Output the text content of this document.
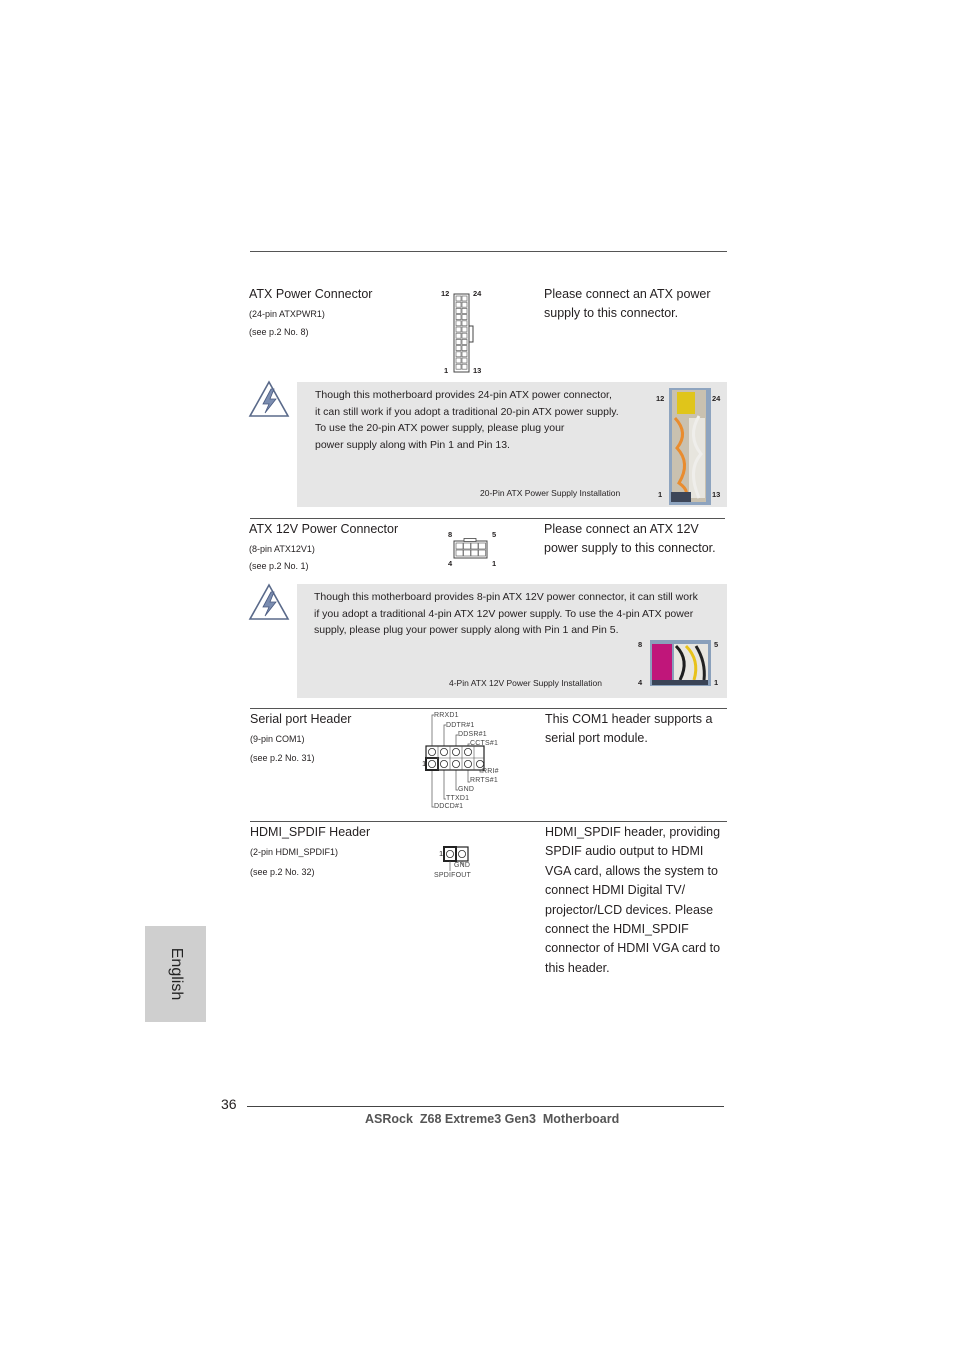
ATX Power Connector
(24-pin ATXPWR1)
(see p.2 No. 8)
12	24
1	13
Please connect an ATX power
supply to this connector.
Though this motherboard provides 24-pin ATX power connector,
it can still work if you adopt a traditional 20-pin ATX power supply.
To use the 20-pin ATX power supply, please plug your
power supply along with Pin 1 and Pin 13.
20-Pin ATX Power Supply Installation
12	24
1	13
ATX 12V Power Connector
(8-pin ATX12V1)
(see p.2 No. 1)
8	5
4	1
Please connect an ATX 12V
power supply to this connector.
Though this motherboard provides 8-pin ATX 12V power connector, it can still work
if you adopt a traditional 4-pin ATX 12V power supply. To use the 4-pin ATX power
supply, please plug your power supply along with Pin 1 and Pin 5.
4-Pin ATX 12V Power Supply Installation
8	5
4	1
Serial port Header
(9-pin COM1)
(see p.2 No. 31)
1
RRXD1
DDTR#1
DDSR#1
CCTS#1
RRI#
RRTS#1
GND
TTXD1
DDCD#1
This COM1 header supports a
serial port module.
HDMI_SPDIF Header
(2-pin HDMI_SPDIF1)
(see p.2 No. 32)
1
GND
SPDIFOUT
HDMI_SPDIF header, providing
SPDIF audio output to HDMI
VGA card, allows the system to
connect HDMI Digital TV/
projector/LCD devices. Please
connect the HDMI_SPDIF
connector of HDMI VGA card to
this header.
English
36
ASRock  Z68 Extreme3 Gen3  Motherboard
